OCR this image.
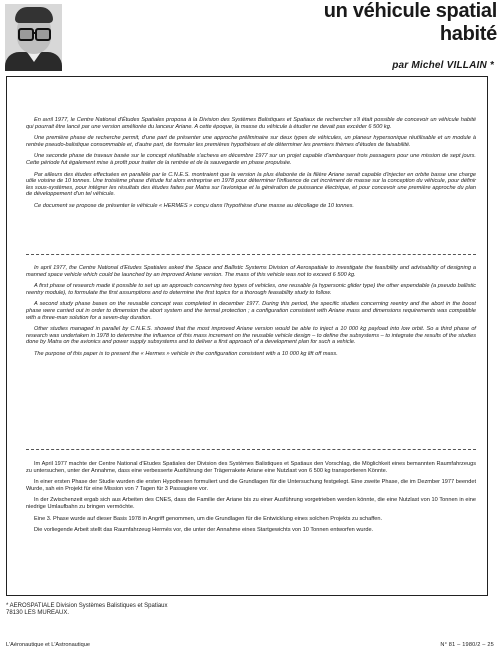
un véhicule spatial
habité

par Michel VILLAIN *

En avril 1977, le Centre National d'Études Spatiales proposa à la Division des Systèmes Balistiques et Spatiaux de rechercher s'il était possible de concevoir un véhicule habité qui pourrait être lancé par une version améliorée du lanceur Ariane. A cette époque, la masse du véhicule à étudier ne devait pas excéder 6 500 kg.

Une première phase de recherche permit, d'une part de présenter une approche préliminaire sur deux types de véhicules, un planeur hypersonique réutilisable et un module à rentrée pseudo-balistique consommable et, d'autre part, de formuler les premières hypothèses et de déterminer les premiers thèmes d'études de faisabilité.

Une seconde phase de travaux basée sur le concept réutilisable s'acheva en décembre 1977 sur un projet capable d'ambarquer trois passagers pour une mission de sept jours. Cette période fut également mise à profit pour traiter de la rentrée et de la sauvegarde en phase propulsée.

Par ailleurs des études effectuées en parallèle par le C.N.E.S. montraient que la version la plus élaborée de la filière Ariane serait capable d'injecter en orbite basse une charge utile voisine de 10 tonnes. Une troisième phase d'étude fut alors entreprise en 1978 pour déterminer l'influence de cet incrément de masse sur la conception du véhicule, pour définir les sous-systèmes, pour intégrer les résultats des études faites par Matra sur l'avionique et la génération de puissance électrique, et pour concevoir une première approche du plan de développement d'un tel véhicule.

Ce document se propose de présenter le véhicule « HERMES » conçu dans l'hypothèse d'une masse au décollage de 10 tonnes.

In april 1977, the Centre National d'Etudes Spatiales asked the Space and Ballistic Systems Division of Aerospatiale to investigate the feasibility and advisability of designing a manned space vehicle which could be launched by an improved Ariane version. The mass of this vehicle was not to exceed 6 500 kg.

A first phase of research made it possible to set up an approach concerning two types of vehicles, one reusable (a hypersonic glider type) the other expendable (a pseudo ballistic reentry module), to formulate the first assumptions and to determine the first topics for a thorough feasability study to follow.

A second study phase bases on the reusable concept was completed in december 1977. During this period, the specific studies concerning reentry and the abort in the boost phase were carried out in order to dimension the abort system and the termal protection ; a configuration consistent with Ariane mass and dimensions requirements was compatible with a three-man solution for a seven-day duration.

Other studies managed in parallel by C.N.E.S. showed that the most improved Ariane version would be able to inject a 10 000 kg payload into low orbit. So a third phase of research was undertaken in 1978 to determine the influence of this mass increment on the reusable vehicle design – to define the subsystems – to integrate the results of the studies done by Matra on the avionics and power supply subsystems and to deliver a first approach of a development plan for such a vehicle.

The purpose of this paper is to present the « Hermes » vehicle in the configuration consistent with a 10 000 kg lift off mass.

Im April 1977 machte der Centre National d'Etudes Spatiales der Division des Systèmes Balistiques et Spatiaux den Vorschlag, die Möglichkeit eines bemannten Raumfahrzeugs zu untersuchen, unter der Annahme, dass eine verbesserte Ausführung der Trägerrakete Ariane eine Nutzlast von 6 500 kg transportieren Könnte.

In einer ersten Phase der Studie wurden die ersten Hypothesen formuliert und die Grundlagen für die Untersuchung festgelegt. Eine zweite Phase, die im Dezmber 1977 beendet Wurde, sah ein Projekt für eine Mission von 7 Tagen für 3 Passagiere vor.

In der Zwischenzeit ergab sich aus Arbeiten des CNES, dass die Familie der Ariane bis zu einer Ausführung vorgetrieben werden könnte, die eine Nutzlast von 10 Tonnen in eine niedrige Umlaufbahn zu bringen vermöchte.

Eine 3. Phase wurde auf dieser Basis 1978 in Angriff genommen, um die Grundlagen für die Entwicklung eines solchen Projekts zu schaffen.

Die vorliegende Arbeit stellt das Raumfahrzeug Hermès vor, die unter der Annahme eines Startgewichts von 10 Tonnen entworfen wurde.

* AEROSPATIALE Division Systèmes Balistiques et Spatiaux
78130 LES MUREAUX.
L'Aéronautique et L'Astronautique	N° 81 – 1980/2 – 25
